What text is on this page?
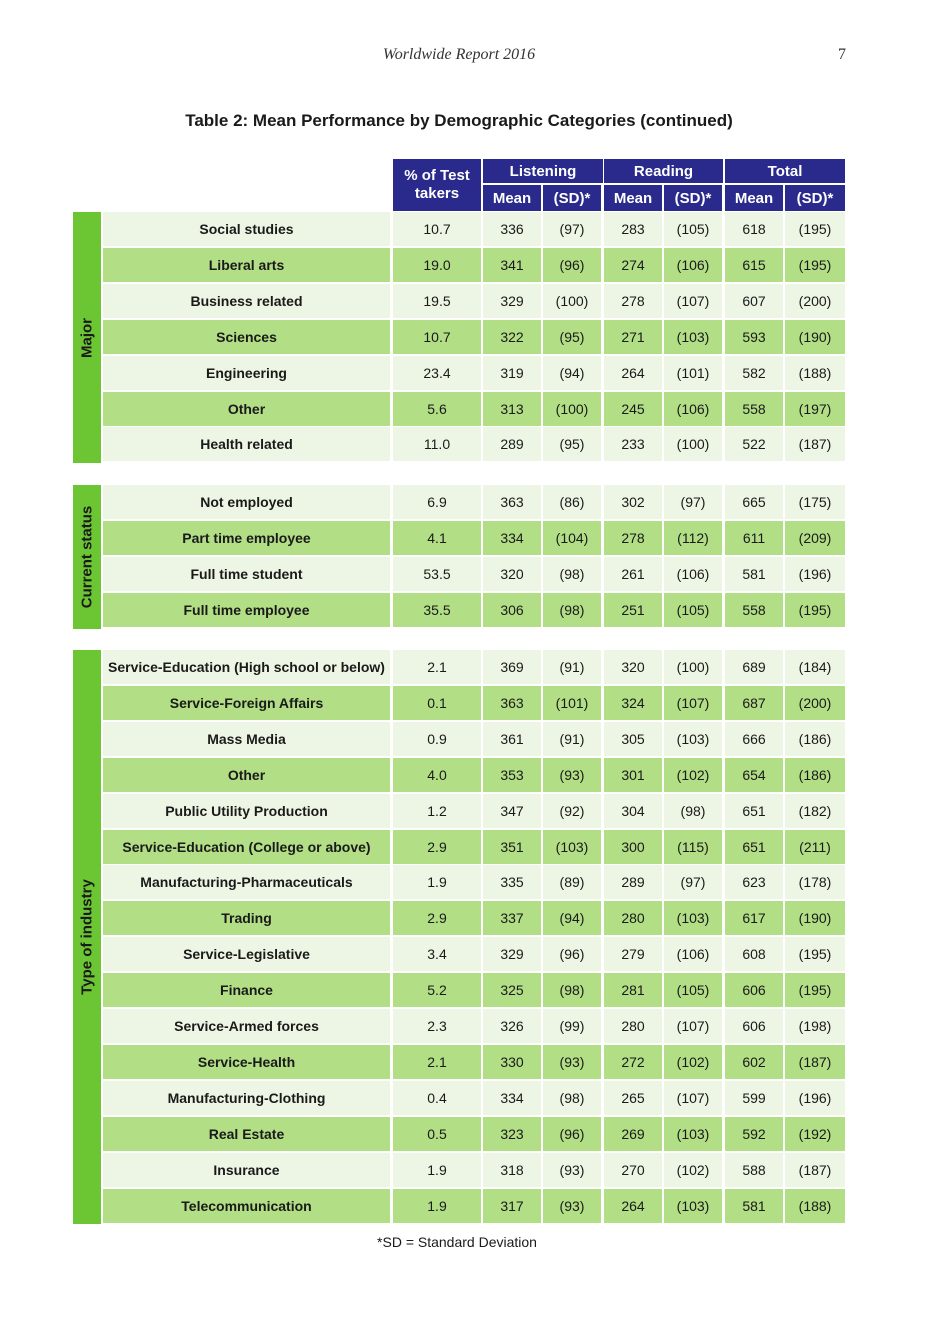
Worldwide Report 2016	7
Table 2: Mean Performance by Demographic Categories (continued)
% of Test takers
Listening	Reading	Total
Mean	(SD)*	Mean	(SD)*	Mean	(SD)*
Major
Social studies	10.7	336	(97)	283	(105)	618	(195)
Liberal arts	19.0	341	(96)	274	(106)	615	(195)
Business related	19.5	329	(100)	278	(107)	607	(200)
Sciences	10.7	322	(95)	271	(103)	593	(190)
Engineering	23.4	319	(94)	264	(101)	582	(188)
Other	5.6	313	(100)	245	(106)	558	(197)
Health related	11.0	289	(95)	233	(100)	522	(187)
Current status
Not employed	6.9	363	(86)	302	(97)	665	(175)
Part time employee	4.1	334	(104)	278	(112)	611	(209)
Full time student	53.5	320	(98)	261	(106)	581	(196)
Full time employee	35.5	306	(98)	251	(105)	558	(195)
Type of industry
Service-Education (High school or below)	2.1	369	(91)	320	(100)	689	(184)
Service-Foreign Affairs	0.1	363	(101)	324	(107)	687	(200)
Mass Media	0.9	361	(91)	305	(103)	666	(186)
Other	4.0	353	(93)	301	(102)	654	(186)
Public Utility Production	1.2	347	(92)	304	(98)	651	(182)
Service-Education (College or above)	2.9	351	(103)	300	(115)	651	(211)
Manufacturing-Pharmaceuticals	1.9	335	(89)	289	(97)	623	(178)
Trading	2.9	337	(94)	280	(103)	617	(190)
Service-Legislative	3.4	329	(96)	279	(106)	608	(195)
Finance	5.2	325	(98)	281	(105)	606	(195)
Service-Armed forces	2.3	326	(99)	280	(107)	606	(198)
Service-Health	2.1	330	(93)	272	(102)	602	(187)
Manufacturing-Clothing	0.4	334	(98)	265	(107)	599	(196)
Real Estate	0.5	323	(96)	269	(103)	592	(192)
Insurance	1.9	318	(93)	270	(102)	588	(187)
Telecommunication	1.9	317	(93)	264	(103)	581	(188)
*SD = Standard Deviation
